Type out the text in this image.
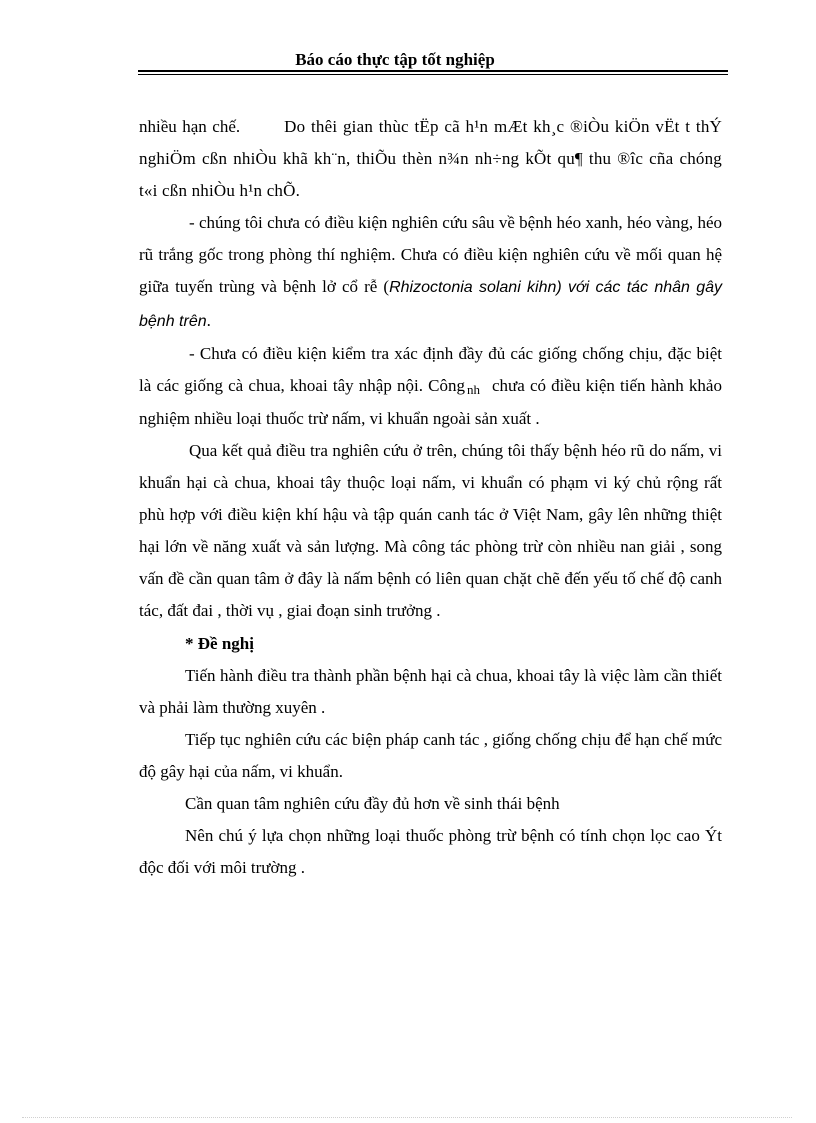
Báo cáo thực tập tốt nghiệp

nhiều hạn chế.	Do thêi gian thùc tËp cã h¹n mÆt kh¸c ®iÒu kiÖn vËt t thÝ nghiÖm cßn nhiÒu khã kh¨n, thiÕu thèn n¾n nh÷ng kÕt qu¶ thu ®îc cña chóng t«i cßn nhiÒu h¹n chÕ.

- chúng tôi chưa có điều kiện nghiên cứu sâu về bệnh héo xanh, héo vàng, héo rũ trắng gốc trong phòng thí nghiệm. Chưa có điều kiện nghiên cứu về mối quan hệ giữa tuyến trùng và bệnh lở cổ rễ (Rhizoctonia solani kihn) với các tác nhân gây bệnh trên.

- Chưa có điều kiện kiểm tra xác định đầy đủ các giống chống chịu, đặc biệt là các giống cà chua, khoai tây nhập nội. Công nh chưa có điều kiện tiến hành khảo nghiệm nhiều loại thuốc trừ nấm, vi khuẩn ngoài sản xuất .

Qua kết quả điều tra nghiên cứu ở trên, chúng tôi thấy bệnh héo rũ do nấm, vi khuẩn hại cà chua, khoai tây thuộc loại nấm, vi khuẩn có phạm vi ký chủ rộng rất phù hợp với điều kiện khí hậu và tập quán canh tác ở Việt Nam, gây lên những thiệt hại lớn về năng xuất và sản lượng. Mà công tác phòng trừ còn nhiều nan giải , song vấn đề cần quan tâm ở đây là nấm bệnh có liên quan chặt chẽ đến yếu tố chế độ canh tác, đất đai , thời vụ , giai đoạn sinh trưởng .

* Đề nghị

Tiến hành điều tra thành phần bệnh hại cà chua, khoai tây là việc làm cần thiết và phải làm thường xuyên .

Tiếp tục nghiên cứu các biện pháp canh tác , giống chống chịu để hạn chế mức độ gây hại của nấm, vi khuẩn.

Cần quan tâm nghiên cứu đầy đủ hơn về sinh thái bệnh

Nên chú ý lựa chọn những loại thuốc phòng trừ bệnh có tính chọn lọc cao Ýt độc đối với môi trường .
